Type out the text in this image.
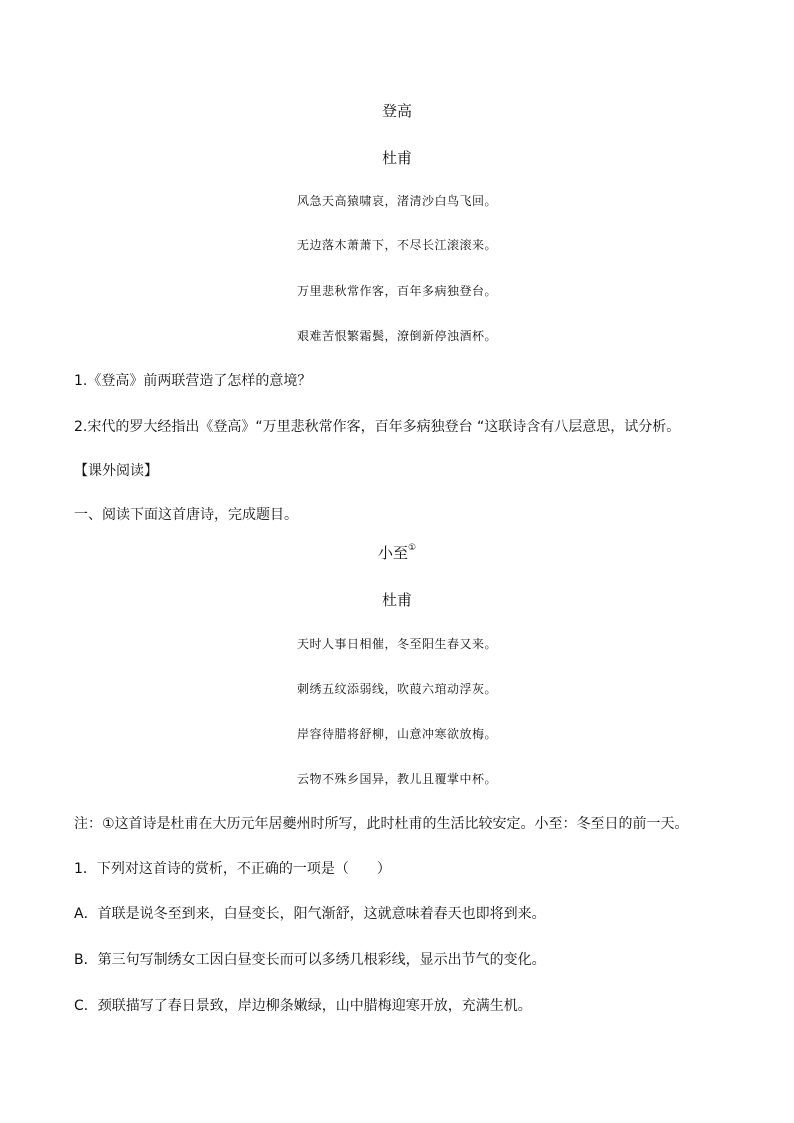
登高
杜甫
风急天高猿啸哀，渚清沙白鸟飞回。
无边落木萧萧下，不尽长江滚滚来。
万里悲秋常作客，百年多病独登台。
艰难苦恨繁霜鬓，潦倒新停浊酒杯。
1.《登高》前两联营造了怎样的意境？
2.宋代的罗大经指出《登高》“万里悲秋常作客，百年多病独登台 “这联诗含有八层意思，试分析。
【课外阅读】
一、阅读下面这首唐诗，完成题目。
小至①
杜甫
天时人事日相催，冬至阳生春又来。
刺绣五纹添弱线，吹葭六琯动浮灰。
岸容待腊将舒柳，山意冲寒欲放梅。
云物不殊乡国异，教儿且覆掌中杯。
注：①这首诗是杜甫在大历元年居夔州时所写，此时杜甫的生活比较安定。小至：冬至日的前一天。
1．下列对这首诗的赏析，不正确的一项是（　　）
A．首联是说冬至到来，白昼变长，阳气渐舒，这就意味着春天也即将到来。
B．第三句写制绣女工因白昼变长而可以多绣几根彩线，显示出节气的变化。
C．颈联描写了春日景致，岸边柳条嫩绿，山中腊梅迎寒开放，充满生机。
